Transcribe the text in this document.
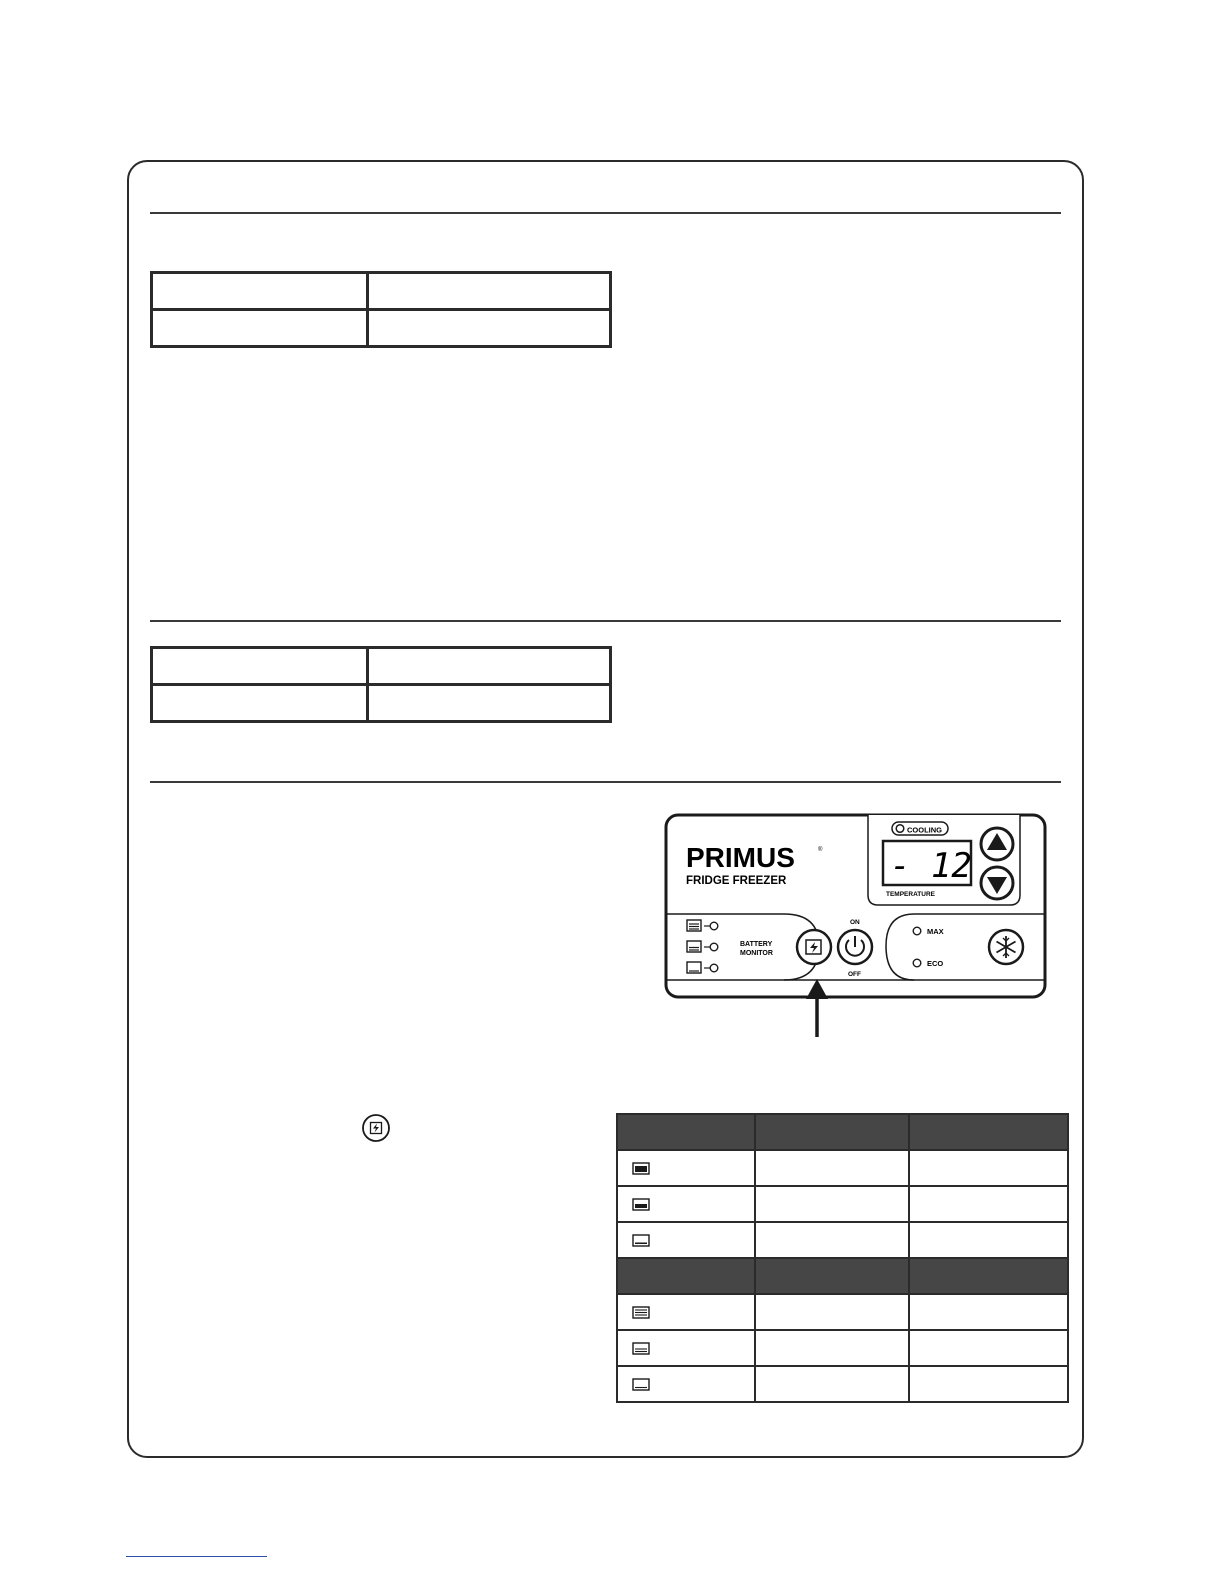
COOLING
- 12
TEMPERATURE
PRIMUS	®
FRIDGE FREEZER
BATTERY
MONITOR
ON
OFF
MAX
ECO
